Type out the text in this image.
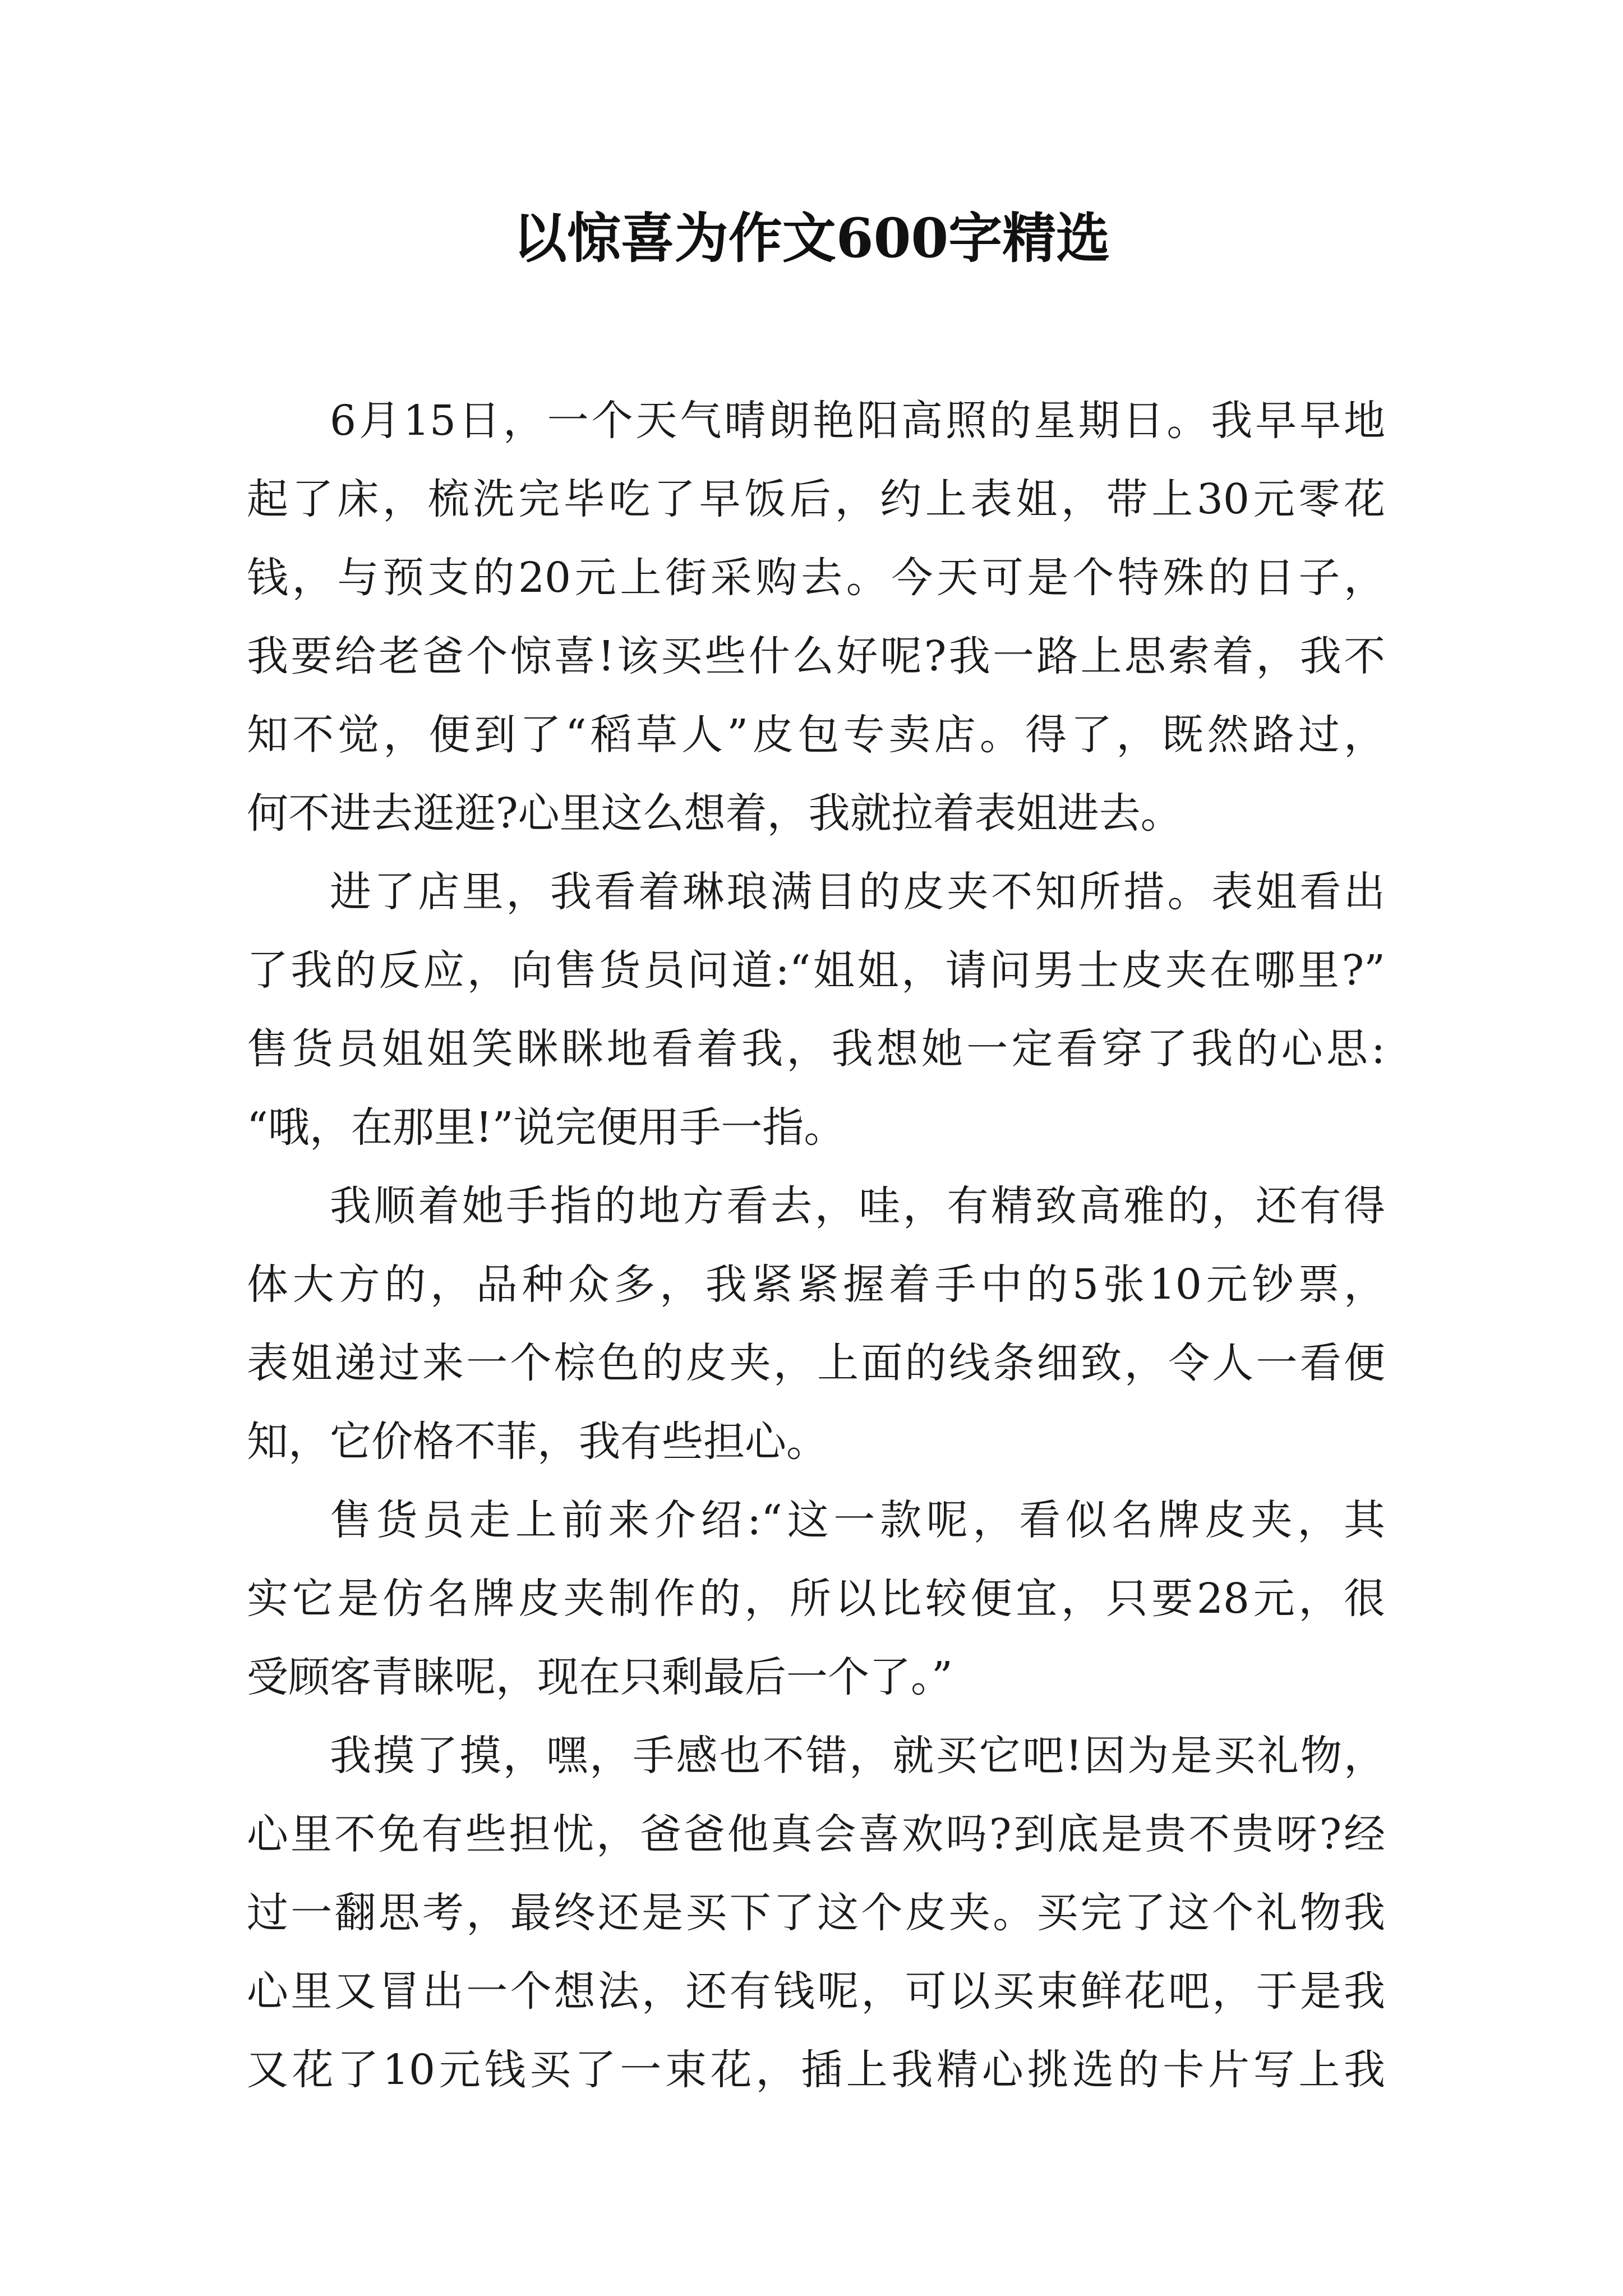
以惊喜为作文600字精选
6月15日，一个天气晴朗艳阳高照的星期日。我早早地
起了床，梳洗完毕吃了早饭后，约上表姐，带上30元零花
钱，与预支的20元上街采购去。今天可是个特殊的日子，
我要给老爸个惊喜!该买些什么好呢?我一路上思索着，我不
知不觉，便到了“稻草人”皮包专卖店。得了，既然路过，
何不进去逛逛?心里这么想着，我就拉着表姐进去。
进了店里，我看着琳琅满目的皮夹不知所措。表姐看出
了我的反应，向售货员问道:“姐姐，请问男士皮夹在哪里?”
售货员姐姐笑眯眯地看着我，我想她一定看穿了我的心思:
“哦，在那里!”说完便用手一指。
我顺着她手指的地方看去，哇，有精致高雅的，还有得
体大方的，品种众多，我紧紧握着手中的5张10元钞票，
表姐递过来一个棕色的皮夹，上面的线条细致，令人一看便
知，它价格不菲，我有些担心。
售货员走上前来介绍:“这一款呢，看似名牌皮夹，其
实它是仿名牌皮夹制作的，所以比较便宜，只要28元，很
受顾客青睐呢，现在只剩最后一个了。”
我摸了摸，嘿，手感也不错，就买它吧!因为是买礼物，
心里不免有些担忧，爸爸他真会喜欢吗?到底是贵不贵呀?经
过一翻思考，最终还是买下了这个皮夹。买完了这个礼物我
心里又冒出一个想法，还有钱呢，可以买束鲜花吧，于是我
又花了10元钱买了一束花，插上我精心挑选的卡片写上我
